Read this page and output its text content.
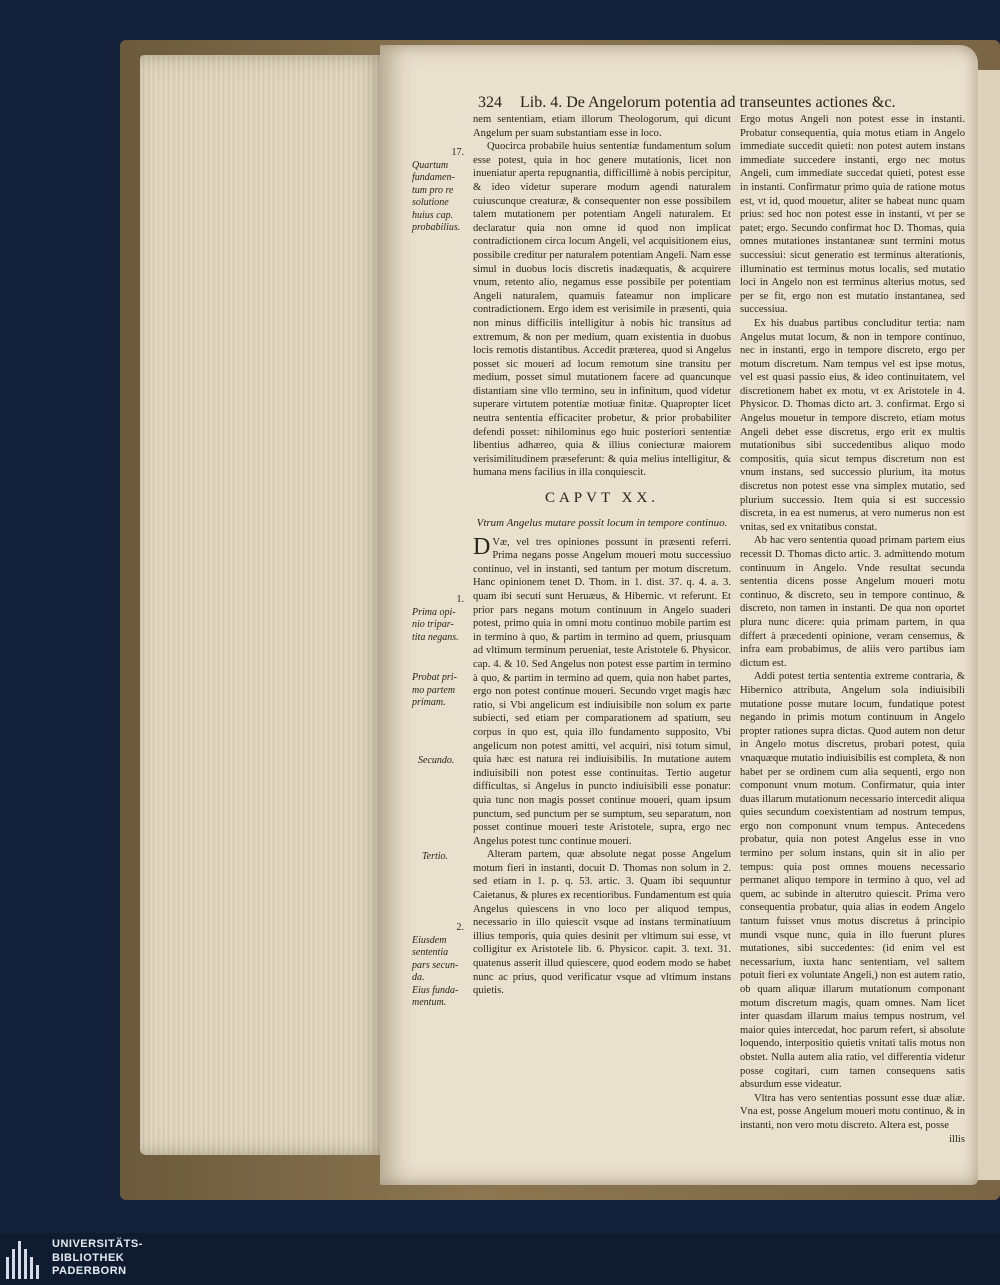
324 Lib. 4. De Angelorum potentia ad transeuntes actiones &c.

nem sententiam, etiam illorum Theologorum, qui dicunt Angelum per suam substantiam esse in loco.

Quocirca probabile huius sententiæ fundamentum solum esse potest, quia in hoc genere mutationis, licet non inueniatur aperta repugnantia, difficillimè à nobis percipitur, & ideo videtur superare modum agendi naturalem cuiuscunque creaturæ, & consequenter non esse possibilem talem mutationem per potentiam Angeli naturalem. Et declaratur quia non omne id quod non implicat contradictionem circa locum Angeli, vel acquisitionem eius, possibile creditur per naturalem potentiam Angeli. Nam esse simul in duobus locis discretis inadæquatis, & acquirere vnum, retento alio, negamus esse possibile per potentiam Angeli naturalem, quamuis fateamur non implicare contradictionem. Ergo idem est verisimile in præsenti, quia non minus difficilis intelligitur à nobis hic transitus ad extremum, & non per medium, quam existentia in duobus locis remotis distantibus. Accedit præterea, quod si Angelus posset sic moueri ad locum remotum sine transitu per medium, posset simul mutationem facere ad quancunque distantiam sine vllo termino, seu in infinitum, quod videtur superare virtutem potentiæ motiuæ finitæ. Quapropter licet neutra sententia efficaciter probetur, & prior probabiliter defendi posset: nihilominus ego huic posteriori sententiæ libentius adhæreo, quia & illius coniecturæ maiorem verisimilitudinem præseferunt: & quia melius intelligitur, & humana mens facilius in illa conquiescit.

CAPVT XX.
Vtrum Angelus mutare possit locum in tempore continuo.

D Væ, vel tres opiniones possunt in præsenti referri. Prima negans posse Angelum moueri motu successiuo continuo, vel in instanti, sed tantum per motum discretum. Hanc opinionem tenet D. Thom. in 1. dist. 37. q. 4. a. 3. quam ibi secuti sunt Heruæus, & Hibernic. vt referunt. Et prior pars negans motum continuum in Angelo suaderi potest, primo quia in omni motu continuo mobile partim est in termino à quo, & partim in termino ad quem, priusquam ad vltimum terminum perueniat, teste Aristotele 6. Physicor. cap. 4. & 10. Sed Angelus non potest esse partim in termino à quo, & partim in termino ad quem, quia non habet partes, ergo non potest continue moueri. Secundo vrget magis hæc ratio, si Vbi angelicum est indiuisibile non solum ex parte subiecti, sed etiam per comparationem ad spatium, seu corpus in quo est, quia illo fundamento supposito, Vbi angelicum non potest amitti, vel acquiri, nisi totum simul, quia hæc est natura rei indiuisibilis. In mutatione autem indiuisibili non potest esse continuitas. Tertio augetur difficultas, si Angelus in puncto indiuisibili esse ponatur: quia tunc non magis posset continue moueri, quam ipsum punctum, sed punctum per se sumptum, seu separatum, non posset continue moueri teste Aristotele, supra, ergo nec Angelus potest tunc continue moueri.

Alteram partem, quæ absolute negat posse Angelum motum fieri in instanti, docuit D. Thomas non solum in 2. sed etiam in 1. p. q. 53. artic. 3. Quam ibi sequuntur Caietanus, & plures ex recentioribus. Fundamentum est quia Angelus quiescens in vno loco per aliquod tempus, necessario in illo quiescit vsque ad instans terminatiuum illius temporis, quia quies desinit per vltimum sui esse, vt colligitur ex Aristotele lib. 6. Physicor. capit. 3. text. 31. quatenus asserit illud quiescere, quod eodem modo se habet nunc ac prius, quod verificatur vsque ad vltimum instans quietis.

Ergo motus Angeli non potest esse in instanti. Probatur consequentia, quia motus etiam in Angelo immediate succedit quieti: non potest autem instans immediate succedere instanti, ergo nec motus Angeli, cum immediate succedat quieti, potest esse in instanti. Confirmatur primo quia de ratione motus est, vt id, quod mouetur, aliter se habeat nunc quam prius: sed hoc non potest esse in instanti, vt per se patet; ergo. Secundo confirmat hoc D. Thomas, quia omnes mutationes instantaneæ sunt termini motus successiui: sicut generatio est terminus alterationis, illuminatio est terminus motus localis, sed mutatio loci in Angelo non est terminus alterius motus, sed per se fit, ergo non est mutatio instantanea, sed successiua.

Ex his duabus partibus concluditur tertia: nam Angelus mutat locum, & non in tempore continuo, nec in instanti, ergo in tempore discreto, ergo per motum discretum. Nam tempus vel est ipse motus, vel est quasi passio eius, & ideo continuitatem, vel discretionem habet ex motu, vt ex Aristotele in 4. Physicor. D. Thomas dicto art. 3. confirmat. Ergo si Angelus mouetur in tempore discreto, etiam motus Angeli debet esse discretus, ergo erit ex multis mutationibus sibi succedentibus aliquo modo compositis, quia sicut tempus discretum non est vnum instans, sed successio plurium, ita motus discretus non potest esse vna simplex mutatio, sed plurium successio. Item quia si est successio discreta, in ea est numerus, at vero numerus non est vnitas, sed ex vnitatibus constat.

Ab hac vero sententia quoad primam partem eius recessit D. Thomas dicto artic. 3. admittendo motum continuum in Angelo. Vnde resultat secunda sententia dicens posse Angelum moueri motu continuo, & discreto, seu in tempore continuo, & discreto, non tamen in instanti. De qua non oportet plura nunc dicere: quia primam partem, in qua differt à præcedenti opinione, veram censemus, & infra eam probabimus, de aliis vero partibus iam dictum est.

Addi potest tertia sententia extreme contraria, & Hibernico attributa, Angelum sola indiuisibili mutatione posse mutare locum, fundatique potest negando in primis motum continuum in Angelo propter rationes supra dictas. Quod autem non detur in Angelo motus discretus, probari potest, quia vnaquæque mutatio indiuisibilis est completa, & non habet per se ordinem cum alia sequenti, ergo non componunt vnum motum. Confirmatur, quia inter duas illarum mutationum necessario intercedit aliqua quies secundum coexistentiam ad nostrum tempus, ergo non componunt vnum tempus. Antecedens probatur, quia non potest Angelus esse in vno termino per solum instans, quin sit in alio per tempus: quia post omnes mouens necessario permanet aliquo tempore in termino à quo, vel ad quem, ac subinde in alterutro quiescit. Prima vero consequentia probatur, quia alias in eodem Angelo tantum fuisset vnus motus discretus à principio mundi vsque nunc, quia in illo fuerunt plures mutationes, sibi succedentes: (id enim vel est necessarium, iuxta hanc sententiam, vel saltem potuit fieri ex voluntate Angeli,) non est autem ratio, ob quam aliquæ illarum mutationum componant motum discretum magis, quam omnes. Nam licet inter quasdam illarum maius tempus nostrum, vel maior quies intercedat, hoc parum refert, si absolute loquendo, interpositio quietis vnitati talis motus non obstet. Nulla autem alia ratio, vel differentia videtur posse cogitari, cum tamen consequens satis absurdum esse videatur.

Vltra has vero sententias possunt esse duæ aliæ. Vna est, posse Angelum moueri motu continuo, & in instanti, non vero motu discreto. Altera est, posse

illis

17.
Quartum
fundamen-
tum pro re
solutione
huius cap.
probabilius.
1.
Prima opi-
nio tripar-
tita negans.
Probat pri-
mo partem
primam.
Secundo.
Tertio.
2.
Eiusdem
sententia
pars secun-
da.
Eius funda-
mentum.
UNIVERSITÄTS-
BIBLIOTHEK
PADERBORN
